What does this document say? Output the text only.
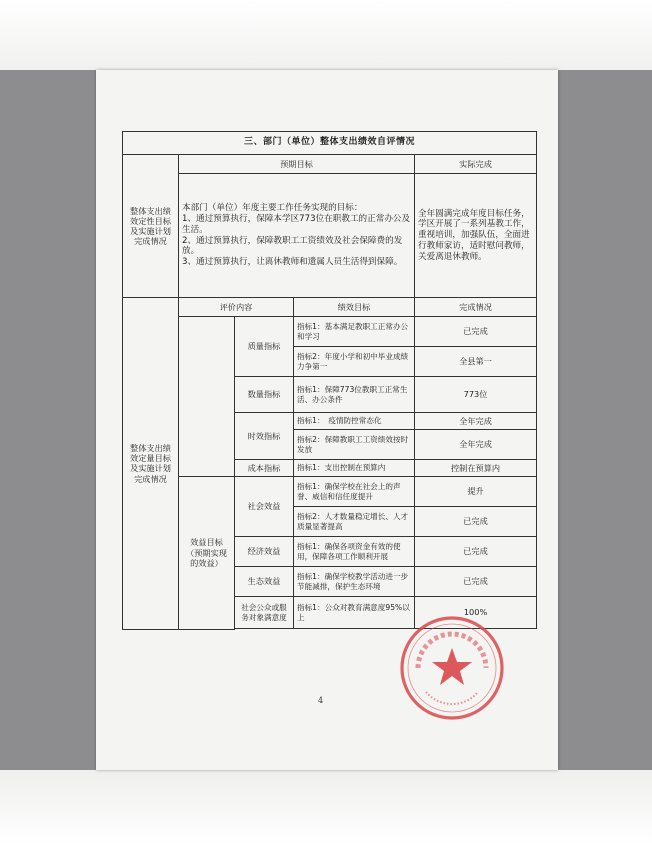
三、部门（单位）整体支出绩效自评情况				
整体支出绩效定性目标及实施计划完成情况	预期目标			实际完成

	本部门（单位）年度主要工作任务实现的目标：
1、通过预算执行，保障本学区773位在职教工的正常办公及生活。
2、通过预算执行，保障教职工工资绩效及社会保障费的发放。
3、通过预算执行，让离休教师和遗属人员生活得到保障。			全年圆满完成年度目标任务，学区开展了一系列基教工作，重视培训，加强队伍，全面进行教师家访，适时慰问教师，关爱离退休教师。
整体支出绩效定量目标及实施计划完成情况	评价内容		绩效目标	完成情况
		质量指标	指标1：基本满足教职工正常办公和学习	已完成
			指标2：年度小学和初中毕业成绩力争第一	全县第一
		数量指标	指标1：保障773位教职工正常生活、办公条件	773位
		时效指标	指标1：　疫情防控常态化	全年完成
			指标2：保障教职工工资绩效按时发放	全年完成
		成本指标	指标1：支出控制在预算内	控制在预算内
	效益目标（预期实现的效益）	社会效益	指标1：确保学校在社会上的声誉、威信和信任度提升	提升
			指标2：人才数量稳定增长、人才质量显著提高	已完成
		经济效益	指标1：确保各项资金有效的使用，保障各项工作顺利开展	已完成
		生态效益	指标1：确保学校教学活动进一步节能减排，保护生态环境	已完成
		社会公众或服务对象满意度	指标1：公众对教育满意度95%以上	100%

4
